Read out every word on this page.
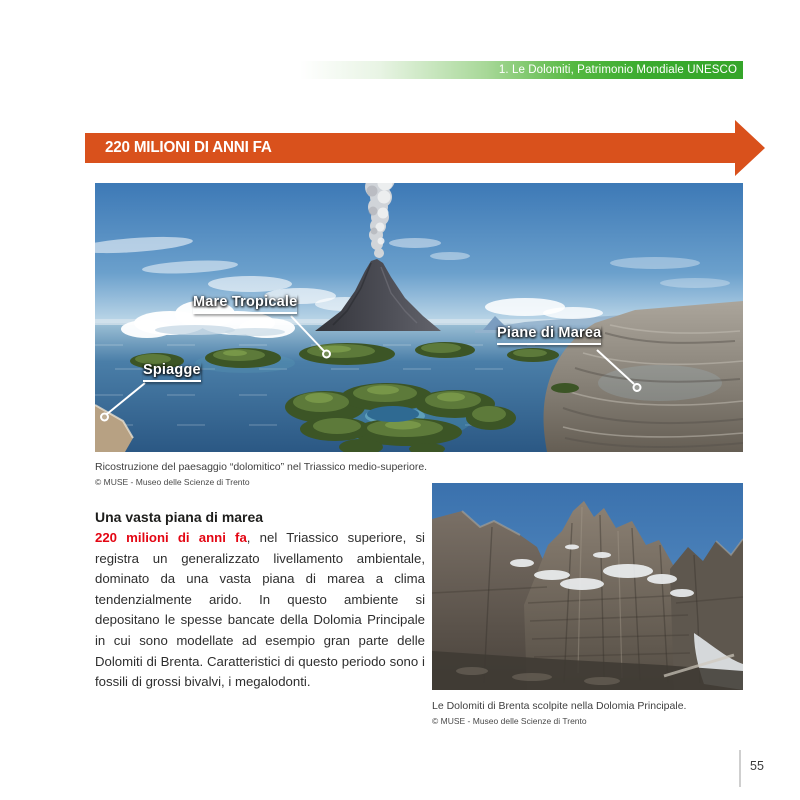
1. Le Dolomiti, Patrimonio Mondiale UNESCO
220 MILIONI DI ANNI FA
Mare Tropicale
Spiagge
Piane di Marea
Ricostruzione del paesaggio “dolomitico” nel Triassico medio-superiore.
© MUSE - Museo delle Scienze di Trento
Una vasta piana di marea

220 milioni di anni fa, nel Triassico superiore, si registra un generalizzato livellamento ambientale, dominato da una vasta piana di marea a clima tendenzialmente arido. In questo ambiente si depositano le spesse bancate della Dolomia Principale in cui sono modellate ad esempio gran parte delle Dolomiti di Brenta. Caratteristici di questo periodo sono i fossili di grossi bivalvi, i megalodonti.

Le Dolomiti di Brenta scolpite nella Dolomia Principale.
© MUSE - Museo delle Scienze di Trento
55
